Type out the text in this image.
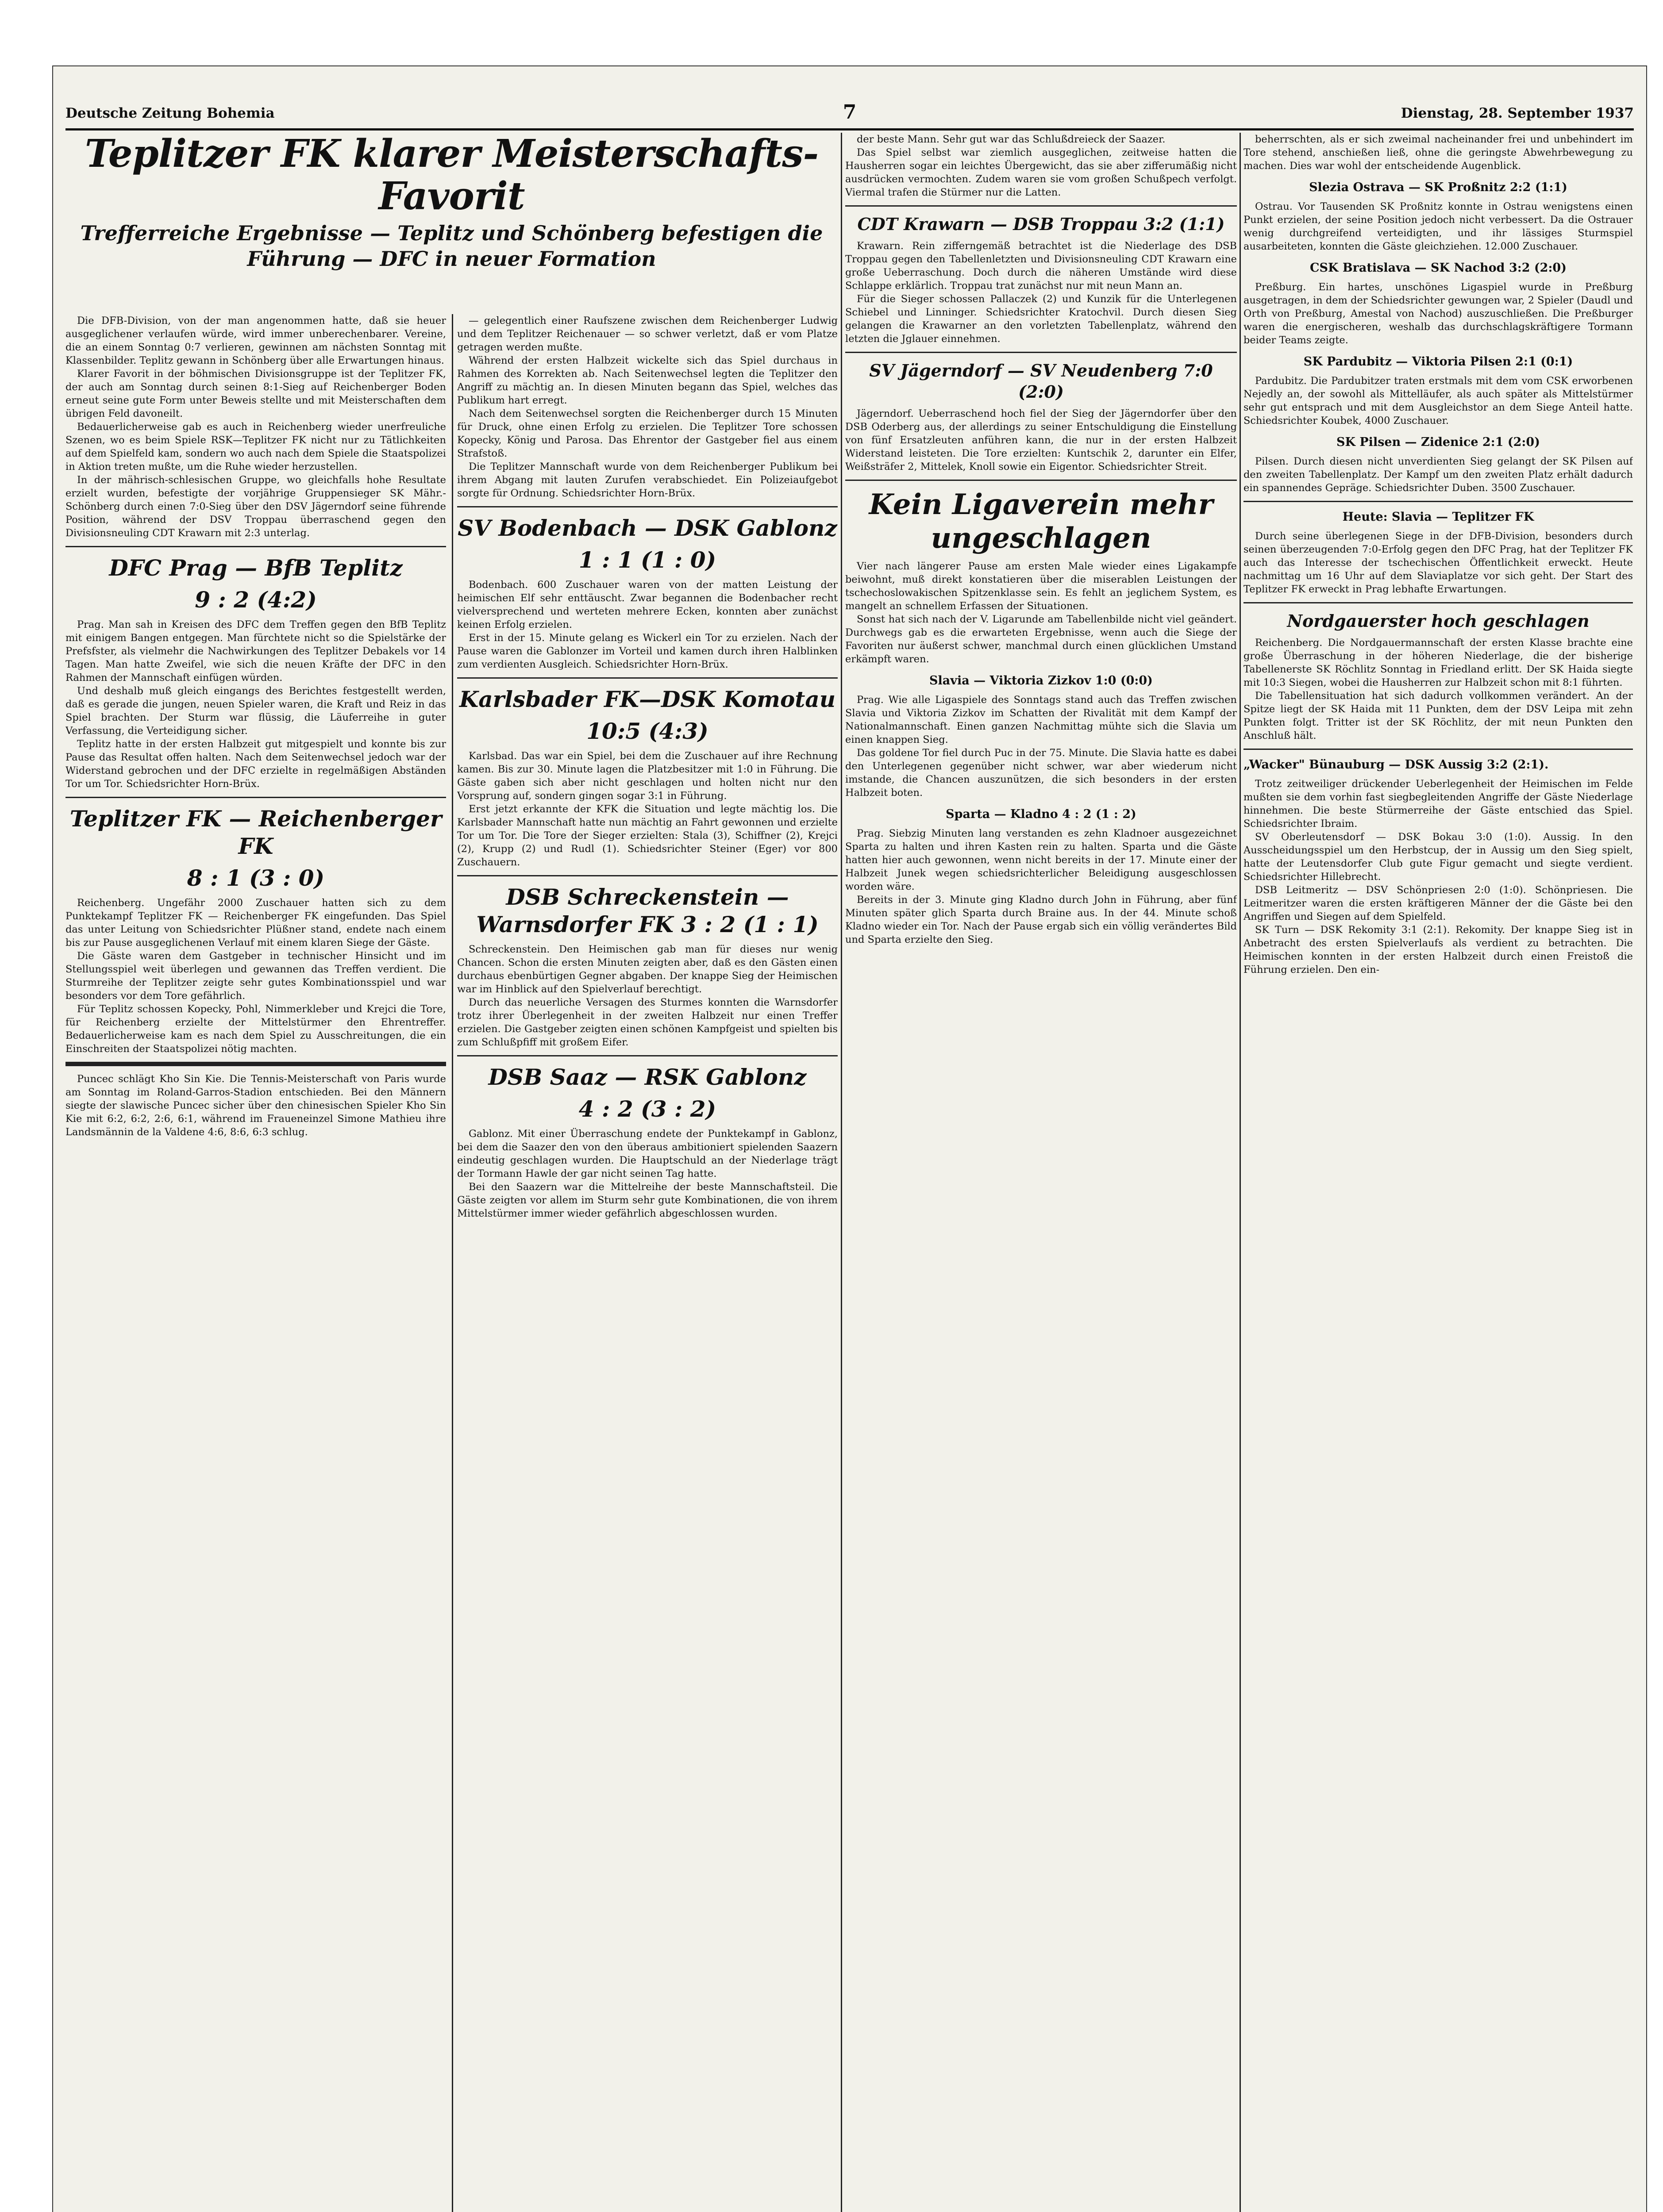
Deutsche Zeitung Bohemia	7	Dienstag, 28. September 1937
Teplitzer FK klarer Meisterschafts-Favorit
Trefferreiche Ergebnisse — Teplitz und Schönberg befestigen die Führung — DFC in neuer Formation

Die DFB-Division, von der man angenommen hatte, daß sie heuer ausgeglichener verlaufen würde, wird immer unberechenbarer. Vereine, die an einem Sonntag 0:7 verlieren, gewinnen am nächsten Sonntag mit Klassenbilder. Teplitz gewann in Schönberg über alle Erwartungen hinaus.

Klarer Favorit in der böhmischen Divisionsgruppe ist der Teplitzer FK, der auch am Sonntag durch seinen 8:1-Sieg auf Reichenberger Boden erneut seine gute Form unter Beweis stellte und mit Meisterschaften dem übrigen Feld davoneilt.

Bedauerlicherweise gab es auch in Reichenberg wieder unerfreuliche Szenen, wo es beim Spiele RSK—Teplitzer FK nicht nur zu Tätlichkeiten auf dem Spielfeld kam, sondern wo auch nach dem Spiele die Staatspolizei in Aktion treten mußte, um die Ruhe wieder herzustellen.

In der mährisch-schlesischen Gruppe, wo gleichfalls hohe Resultate erzielt wurden, befestigte der vorjährige Gruppensieger SK Mähr.-Schönberg durch einen 7:0-Sieg über den DSV Jägerndorf seine führende Position, während der DSV Troppau überraschend gegen den Divisionsneuling CDT Krawarn mit 2:3 unterlag.

DFC Prag — BfB Teplitz
9 : 2 (4:2)

Prag. Man sah in Kreisen des DFC dem Treffen gegen den BfB Teplitz mit einigem Bangen entgegen. Man fürchtete nicht so die Spielstärke der Prefsfster, als vielmehr die Nachwirkungen des Teplitzer Debakels vor 14 Tagen. Man hatte Zweifel, wie sich die neuen Kräfte der DFC in den Rahmen der Mannschaft einfügen würden.

Und deshalb muß gleich eingangs des Berichtes festgestellt werden, daß es gerade die jungen, neuen Spieler waren, die Kraft und Reiz in das Spiel brachten. Der Sturm war flüssig, die Läuferreihe in guter Verfassung, die Verteidigung sicher.

Teplitz hatte in der ersten Halbzeit gut mitgespielt und konnte bis zur Pause das Resultat offen halten. Nach dem Seitenwechsel jedoch war der Widerstand gebrochen und der DFC erzielte in regelmäßigen Abständen Tor um Tor. Schiedsrichter Horn-Brüx.

Teplitzer FK — Reichenberger FK
8 : 1 (3 : 0)

Reichenberg. Ungefähr 2000 Zuschauer hatten sich zu dem Punktekampf Teplitzer FK — Reichenberger FK eingefunden. Das Spiel das unter Leitung von Schiedsrichter Plüßner stand, endete nach einem bis zur Pause ausgeglichenen Verlauf mit einem klaren Siege der Gäste.

Die Gäste waren dem Gastgeber in technischer Hinsicht und im Stellungsspiel weit überlegen und gewannen das Treffen verdient. Die Sturmreihe der Teplitzer zeigte sehr gutes Kombinationsspiel und war besonders vor dem Tore gefährlich.

Für Teplitz schossen Kopecky, Pohl, Nimmerkleber und Krejci die Tore, für Reichenberg erzielte der Mittelstürmer den Ehrentreffer. Bedauerlicherweise kam es nach dem Spiel zu Ausschreitungen, die ein Einschreiten der Staatspolizei nötig machten.

Puncec schlägt Kho Sin Kie. Die Tennis-Meisterschaft von Paris wurde am Sonntag im Roland-Garros-Stadion entschieden. Bei den Männern siegte der slawische Puncec sicher über den chinesischen Spieler Kho Sin Kie mit 6:2, 6:2, 2:6, 6:1, während im Fraueneinzel Simone Mathieu ihre Landsmännin de la Valdene 4:6, 8:6, 6:3 schlug.

— gelegentlich einer Raufszene zwischen dem Reichenberger Ludwig und dem Teplitzer Reichenauer — so schwer verletzt, daß er vom Platze getragen werden mußte.

Während der ersten Halbzeit wickelte sich das Spiel durchaus in Rahmen des Korrekten ab. Nach Seitenwechsel legten die Teplitzer den Angriff zu mächtig an. In diesen Minuten begann das Spiel, welches das Publikum hart erregt.

Nach dem Seitenwechsel sorgten die Reichenberger durch 15 Minuten für Druck, ohne einen Erfolg zu erzielen. Die Teplitzer Tore schossen Kopecky, König und Parosa. Das Ehrentor der Gastgeber fiel aus einem Strafstoß.

Die Teplitzer Mannschaft wurde von dem Reichenberger Publikum bei ihrem Abgang mit lauten Zurufen verabschiedet. Ein Polizeiaufgebot sorgte für Ordnung. Schiedsrichter Horn-Brüx.

SV Bodenbach — DSK Gablonz
1 : 1 (1 : 0)

Bodenbach. 600 Zuschauer waren von der matten Leistung der heimischen Elf sehr enttäuscht. Zwar begannen die Bodenbacher recht vielversprechend und werteten mehrere Ecken, konnten aber zunächst keinen Erfolg erzielen.

Erst in der 15. Minute gelang es Wickerl ein Tor zu erzielen. Nach der Pause waren die Gablonzer im Vorteil und kamen durch ihren Halblinken zum verdienten Ausgleich. Schiedsrichter Horn-Brüx.

Karlsbader FK—DSK Komotau
10:5 (4:3)

Karlsbad. Das war ein Spiel, bei dem die Zuschauer auf ihre Rechnung kamen. Bis zur 30. Minute lagen die Platzbesitzer mit 1:0 in Führung. Die Gäste gaben sich aber nicht geschlagen und holten nicht nur den Vorsprung auf, sondern gingen sogar 3:1 in Führung.

Erst jetzt erkannte der KFK die Situation und legte mächtig los. Die Karlsbader Mannschaft hatte nun mächtig an Fahrt gewonnen und erzielte Tor um Tor. Die Tore der Sieger erzielten: Stala (3), Schiffner (2), Krejci (2), Krupp (2) und Rudl (1). Schiedsrichter Steiner (Eger) vor 800 Zuschauern.

DSB Schreckenstein — Warnsdorfer FK 3 : 2 (1 : 1)

Schreckenstein. Den Heimischen gab man für dieses nur wenig Chancen. Schon die ersten Minuten zeigten aber, daß es den Gästen einen durchaus ebenbürtigen Gegner abgaben. Der knappe Sieg der Heimischen war im Hinblick auf den Spielverlauf berechtigt.

Durch das neuerliche Versagen des Sturmes konnten die Warnsdorfer trotz ihrer Überlegenheit in der zweiten Halbzeit nur einen Treffer erzielen. Die Gastgeber zeigten einen schönen Kampfgeist und spielten bis zum Schlußpfiff mit großem Eifer.

DSB Saaz — RSK Gablonz
4 : 2 (3 : 2)

Gablonz. Mit einer Überraschung endete der Punktekampf in Gablonz, bei dem die Saazer den von den überaus ambitioniert spielenden Saazern eindeutig geschlagen wurden. Die Hauptschuld an der Niederlage trägt der Tormann Hawle der gar nicht seinen Tag hatte.

Bei den Saazern war die Mittelreihe der beste Mannschaftsteil. Die Gäste zeigten vor allem im Sturm sehr gute Kombinationen, die von ihrem Mittelstürmer immer wieder gefährlich abgeschlossen wurden.

der beste Mann. Sehr gut war das Schlußdreieck der Saazer.

Das Spiel selbst war ziemlich ausgeglichen, zeitweise hatten die Hausherren sogar ein leichtes Übergewicht, das sie aber zifferumäßig nicht ausdrücken vermochten. Zudem waren sie vom großen Schußpech verfolgt. Viermal trafen die Stürmer nur die Latten.

CDT Krawarn — DSB Troppau 3:2 (1:1)

Krawarn. Rein zifferngemäß betrachtet ist die Niederlage des DSB Troppau gegen den Tabellenletzten und Divisionsneuling CDT Krawarn eine große Ueberraschung. Doch durch die näheren Umstände wird diese Schlappe erklärlich. Troppau trat zunächst nur mit neun Mann an.

Für die Sieger schossen Pallaczek (2) und Kunzik für die Unterlegenen Schiebel und Linninger. Schiedsrichter Kratochvil. Durch diesen Sieg gelangen die Krawarner an den vorletzten Tabellenplatz, während den letzten die Jglauer einnehmen.

SV Jägerndorf — SV Neudenberg 7:0 (2:0)

Jägerndorf. Ueberraschend hoch fiel der Sieg der Jägerndorfer über den DSB Oderberg aus, der allerdings zu seiner Entschuldigung die Einstellung von fünf Ersatzleuten anführen kann, die nur in der ersten Halbzeit Widerstand leisteten. Die Tore erzielten: Kuntschik 2, darunter ein Elfer, Weißsträfer 2, Mittelek, Knoll sowie ein Eigentor. Schiedsrichter Streit.

Kein Ligaverein mehr ungeschlagen

Vier nach längerer Pause am ersten Male wieder eines Ligakampfe beiwohnt, muß direkt konstatieren über die miserablen Leistungen der tschechoslowakischen Spitzenklasse sein. Es fehlt an jeglichem System, es mangelt an schnellem Erfassen der Situationen.

Sonst hat sich nach der V. Ligarunde am Tabellenbilde nicht viel geändert. Durchwegs gab es die erwarteten Ergebnisse, wenn auch die Siege der Favoriten nur äußerst schwer, manchmal durch einen glücklichen Umstand erkämpft waren.

Slavia — Viktoria Zizkov 1:0 (0:0)

Prag. Wie alle Ligaspiele des Sonntags stand auch das Treffen zwischen Slavia und Viktoria Zizkov im Schatten der Rivalität mit dem Kampf der Nationalmannschaft. Einen ganzen Nachmittag mühte sich die Slavia um einen knappen Sieg.

Das goldene Tor fiel durch Puc in der 75. Minute. Die Slavia hatte es dabei den Unterlegenen gegenüber nicht schwer, war aber wiederum nicht imstande, die Chancen auszunützen, die sich besonders in der ersten Halbzeit boten.

Sparta — Kladno 4 : 2 (1 : 2)

Prag. Siebzig Minuten lang verstanden es zehn Kladnoer ausgezeichnet Sparta zu halten und ihren Kasten rein zu halten. Sparta und die Gäste hatten hier auch gewonnen, wenn nicht bereits in der 17. Minute einer der Halbzeit Junek wegen schiedsrichterlicher Beleidigung ausgeschlossen worden wäre.

Bereits in der 3. Minute ging Kladno durch John in Führung, aber fünf Minuten später glich Sparta durch Braine aus. In der 44. Minute schoß Kladno wieder ein Tor. Nach der Pause ergab sich ein völlig verändertes Bild und Sparta erzielte den Sieg.

beherrschten, als er sich zweimal nacheinander frei und unbehindert im Tore stehend, anschießen ließ, ohne die geringste Abwehrbewegung zu machen. Dies war wohl der entscheidende Augenblick.

Slezia Ostrava — SK Proßnitz 2:2 (1:1)

Ostrau. Vor Tausenden SK Proßnitz konnte in Ostrau wenigstens einen Punkt erzielen, der seine Position jedoch nicht verbessert. Da die Ostrauer wenig durchgreifend verteidigten, und ihr lässiges Sturmspiel ausarbeiteten, konnten die Gäste gleichziehen. 12.000 Zuschauer.

CSK Bratislava — SK Nachod 3:2 (2:0)

Preßburg. Ein hartes, unschönes Ligaspiel wurde in Preßburg ausgetragen, in dem der Schiedsrichter gewungen war, 2 Spieler (Daudl und Orth von Preßburg, Amestal von Nachod) auszuschließen. Die Preßburger waren die energischeren, weshalb das durchschlagskräftigere Tormann beider Teams zeigte.

SK Pardubitz — Viktoria Pilsen 2:1 (0:1)

Pardubitz. Die Pardubitzer traten erstmals mit dem vom CSK erworbenen Nejedly an, der sowohl als Mittelläufer, als auch später als Mittelstürmer sehr gut entsprach und mit dem Ausgleichstor an dem Siege Anteil hatte. Schiedsrichter Koubek, 4000 Zuschauer.

SK Pilsen — Zidenice 2:1 (2:0)

Pilsen. Durch diesen nicht unverdienten Sieg gelangt der SK Pilsen auf den zweiten Tabellenplatz. Der Kampf um den zweiten Platz erhält dadurch ein spannendes Gepräge. Schiedsrichter Duben. 3500 Zuschauer.

Heute: Slavia — Teplitzer FK

Durch seine überlegenen Siege in der DFB-Division, besonders durch seinen überzeugenden 7:0-Erfolg gegen den DFC Prag, hat der Teplitzer FK auch das Interesse der tschechischen Öffentlichkeit erweckt. Heute nachmittag um 16 Uhr auf dem Slaviaplatze vor sich geht. Der Start des Teplitzer FK erweckt in Prag lebhafte Erwartungen.

Nordgauerster hoch geschlagen

Reichenberg. Die Nordgauermannschaft der ersten Klasse brachte eine große Überraschung in der höheren Niederlage, die der bisherige Tabellenerste SK Röchlitz Sonntag in Friedland erlitt. Der SK Haida siegte mit 10:3 Siegen, wobei die Hausherren zur Halbzeit schon mit 8:1 führten.

Die Tabellensituation hat sich dadurch vollkommen verändert. An der Spitze liegt der SK Haida mit 11 Punkten, dem der DSV Leipa mit zehn Punkten folgt. Tritter ist der SK Röchlitz, der mit neun Punkten den Anschluß hält.

„Wacker" Bünauburg — DSK Aussig 3:2 (2:1).

Trotz zeitweiliger drückender Ueberlegenheit der Heimischen im Felde mußten sie dem vorhin fast siegbegleitenden Angriffe der Gäste Niederlage hinnehmen. Die beste Stürmerreihe der Gäste entschied das Spiel. Schiedsrichter Ibraim.

SV Oberleutensdorf — DSK Bokau 3:0 (1:0). Aussig. In den Ausscheidungsspiel um den Herbstcup, der in Aussig um den Sieg spielt, hatte der Leutensdorfer Club gute Figur gemacht und siegte verdient. Schiedsrichter Hillebrecht.

DSB Leitmeritz — DSV Schönpriesen 2:0 (1:0). Schönpriesen. Die Leitmeritzer waren die ersten kräftigeren Männer der die Gäste bei den Angriffen und Siegen auf dem Spielfeld.

SK Turn — DSK Rekomity 3:1 (2:1). Rekomity. Der knappe Sieg ist in Anbetracht des ersten Spielverlaufs als verdient zu betrachten. Die Heimischen konnten in der ersten Halbzeit durch einen Freistoß die Führung erzielen. Den ein-
